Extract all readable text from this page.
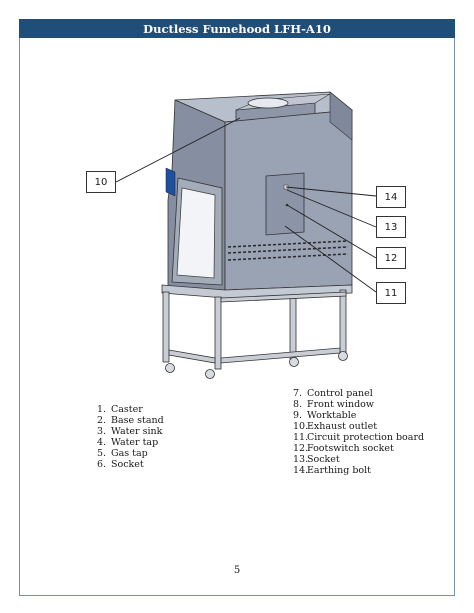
Ductless Fumehood LFH-A10
10
14
13
12
11
1. Caster
2. Base stand
3. Water sink
4. Water tap
5. Gas tap
6. Socket
7. Control panel
8. Front window
9. Worktable
10.Exhaust outlet
11.Circuit protection board
12.Footswitch socket
13.Socket
14.Earthing bolt
5
